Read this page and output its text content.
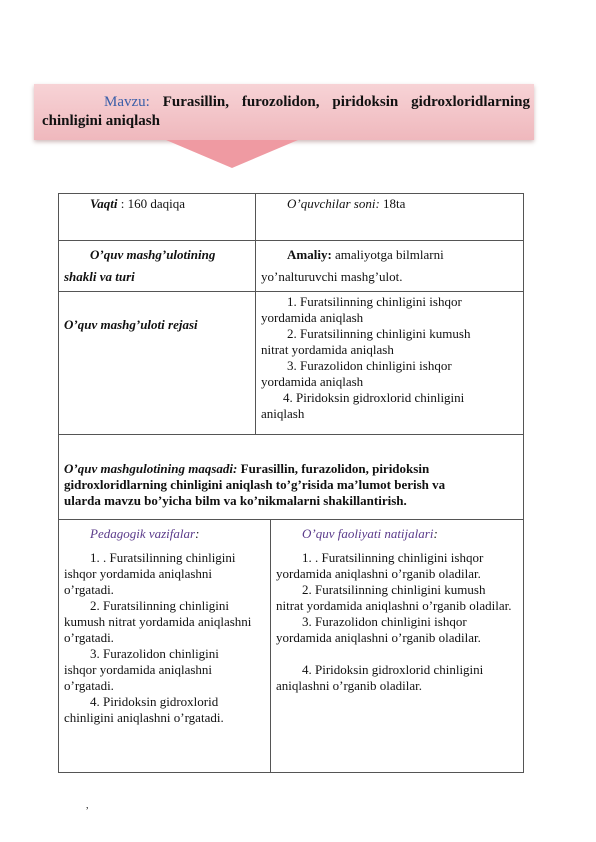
Mavzu: Furasillin, furozolidon, piridoksin gidroxloridlarning chinligini aniqlash
Vaqti : 160 daqiqa	O’quvchilar soni: 18ta

O’quv mashg’ulotining

shakli va turi

Amaliy: amaliyotga bilmlarni

yo’nalturuvchi mashg’ulot.

O’quv mashg’uloti rejasi

1. Furatsilinning chinligini ishqor yordamida aniqlash

2. Furatsilinning chinligini kumush nitrat yordamida aniqlash

3. Furazolidon chinligini ishqor yordamida aniqlash

4. Piridoksin gidroxlorid chinligini aniqlash

O’quv mashgulotining maqsadi: Furasillin, furazolidon, piridoksin gidroxloridlarning chinligini aniqlash to’g’risida ma’lumot berish va ularda mavzu bo’yicha bilm va ko’nikmalarni shakillantirish.

Pedagogik vazifalar:

1. . Furatsilinning chinligini ishqor yordamida aniqlashni o’rgatadi.

2. Furatsilinning chinligini kumush nitrat yordamida aniqlashni o’rgatadi.

3. Furazolidon chinligini ishqor yordamida aniqlashni o’rgatadi.

4. Piridoksin gidroxlorid chinligini aniqlashni o’rgatadi.

O’quv faoliyati natijalari:

1. . Furatsilinning chinligini ishqor yordamida aniqlashni o’rganib oladilar.

2. Furatsilinning chinligini kumush nitrat yordamida aniqlashni o’rganib oladilar.

3. Furazolidon chinligini ishqor yordamida aniqlashni o’rganib oladilar.

4. Piridoksin gidroxlorid chinligini aniqlashni o’rganib oladilar.

,
